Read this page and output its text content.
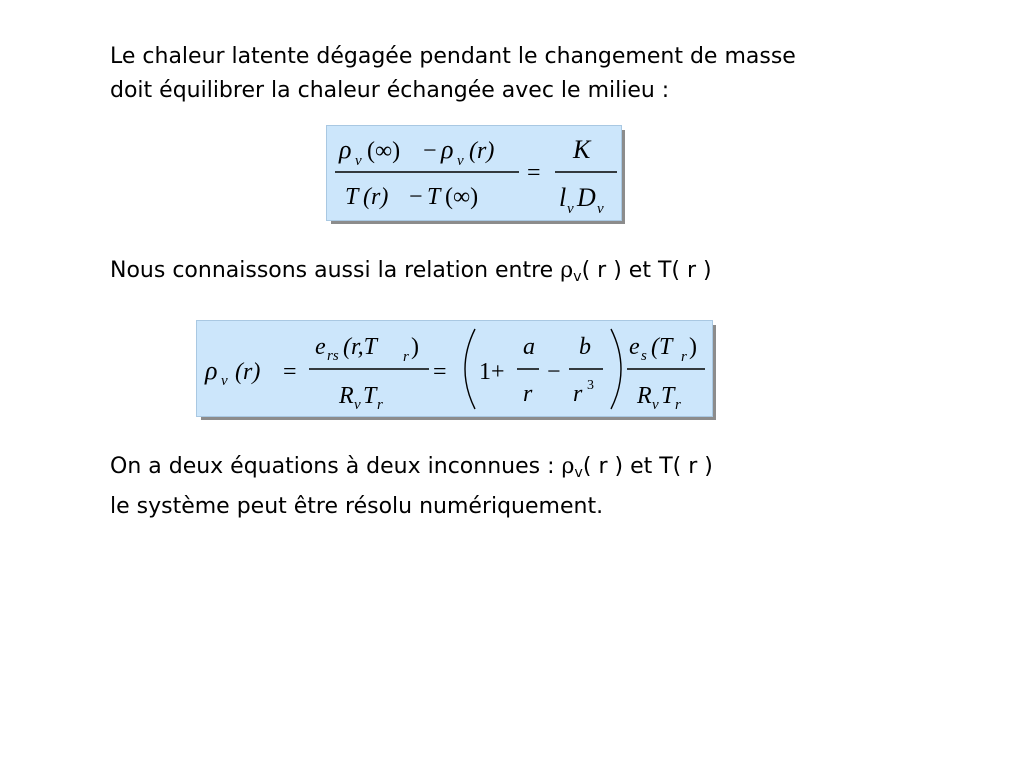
Le chaleur latente dégagée pendant le changement de masse
doit équilibrer la chaleur échangée avec le milieu :

ρ v (∞) − ρ v (r)
T (r) − T (∞)
=
K
l v D v

Nous connaissons aussi la relation entre $\rho_v$( r ) et T( r )

ρ v (r) =
e rs (r,T r )
R v T r
= 1+
a
r
−
b
r 3
e s (T r )
R v T r

On a deux équations à deux inconnues : $\rho_v$( r ) et T( r )
le système peut être résolu numériquement.
